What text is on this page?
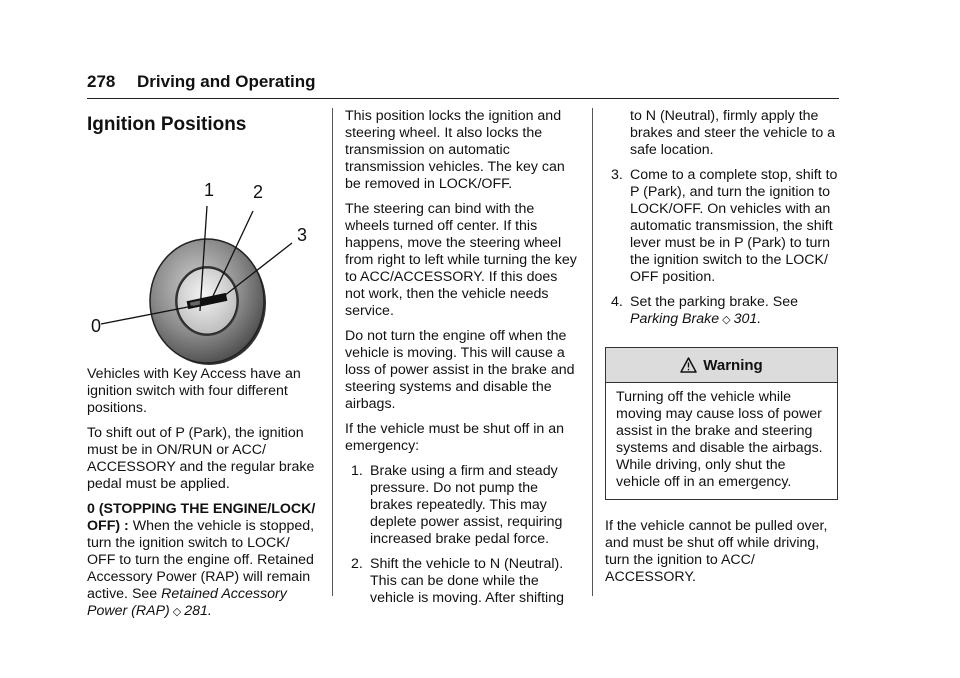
278 Driving and Operating
Ignition Positions
1 2
3
0

Vehicles with Key Access have an ignition switch with four different positions.

To shift out of P (Park), the ignition must be in ON/RUN or ACC/ ACCESSORY and the regular brake pedal must be applied.

0 (STOPPING THE ENGINE/LOCK/ OFF) : When the vehicle is stopped, turn the ignition switch to LOCK/ OFF to turn the engine off. Retained Accessory Power (RAP) will remain active. See Retained Accessory Power (RAP) ◇ 281.

This position locks the ignition and steering wheel. It also locks the transmission on automatic transmission vehicles. The key can be removed in LOCK/OFF.

The steering can bind with the wheels turned off center. If this happens, move the steering wheel from right to left while turning the key to ACC/ACCESSORY. If this does not work, then the vehicle needs service.

Do not turn the engine off when the vehicle is moving. This will cause a loss of power assist in the brake and steering systems and disable the airbags.

If the vehicle must be shut off in an emergency:

1. Brake using a firm and steady pressure. Do not pump the brakes repeatedly. This may deplete power assist, requiring increased brake pedal force.
2. Shift the vehicle to N (Neutral). This can be done while the vehicle is moving. After shifting
to N (Neutral), firmly apply the brakes and steer the vehicle to a safe location.
3. Come to a complete stop, shift to P (Park), and turn the ignition to LOCK/OFF. On vehicles with an automatic transmission, the shift lever must be in P (Park) to turn the ignition switch to the LOCK/ OFF position.
4. Set the parking brake. See Parking Brake ◇ 301.
Warning
Turning off the vehicle while moving may cause loss of power assist in the brake and steering systems and disable the airbags. While driving, only shut the vehicle off in an emergency.

If the vehicle cannot be pulled over, and must be shut off while driving, turn the ignition to ACC/ ACCESSORY.
